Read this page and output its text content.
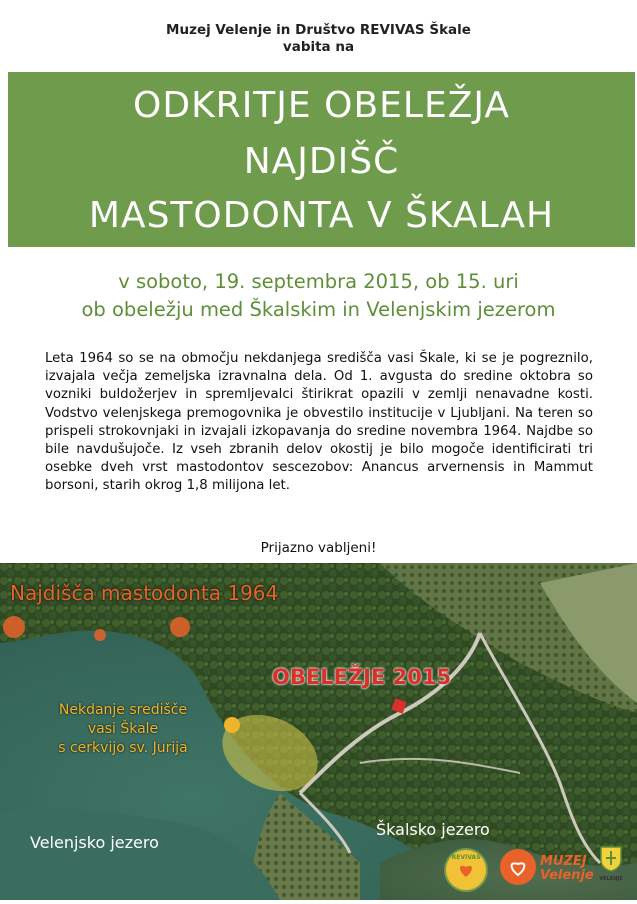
Muzej Velenje in Društvo REVIVAS Škale
vabita na
ODKRITJE OBELEŽJA
NAJDIŠČ
MASTODONTA V ŠKALAH
v soboto, 19. septembra 2015, ob 15. uri
ob obeležju med Škalskim in Velenjskim jezerom
Leta 1964 so se na območju nekdanjega središča vasi Škale, ki se je pogreznilo, izvajala večja zemeljska izravnalna dela. Od 1. avgusta do sredine oktobra so vozniki buldožerjev in spremljevalci štirikrat opazili v zemlji nenavadne kosti. Vodstvo velenjskega premogovnika je obvestilo institucije v Ljubljani. Na teren so prispeli strokovnjaki in izvajali izkopavanja do sredine novembra 1964. Najdbe so bile navdušujoče. Iz vseh zbranih delov okostij je bilo mogoče identificirati tri osebke dveh vrst mastodontov sescezobov: Anancus arvernensis in Mammut borsoni, starih okrog 1,8 milijona let.
Prijazno vabljeni!
Najdišča mastodonta 1964
OBELEŽJE 2015
Nekdanje središče
vasi Škale
s cerkvijo sv. Jurija
Škalsko jezero
Velenjsko jezero
REVIVAS	MUZEJ
Velenje VELENJE
